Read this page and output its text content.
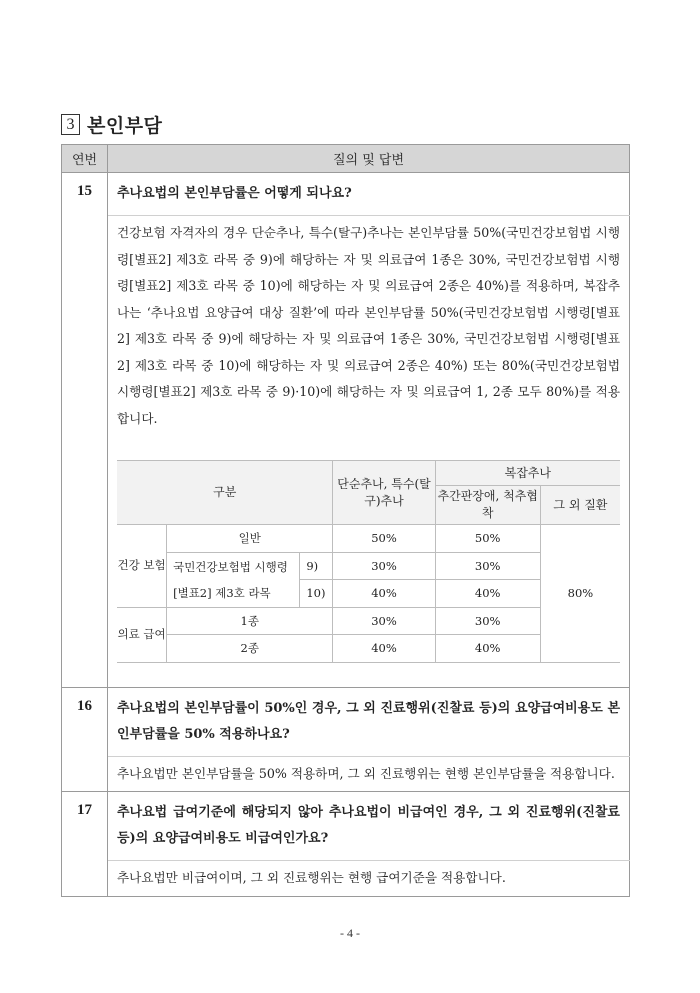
3 본인부담
연번	질의 및 답변
15	추나요법의 본인부담률은 어떻게 되나요?

건강보험 자격자의 경우 단순추나, 특수(탈구)추나는 본인부담률 50%(국민건강보험법 시행령[별표2] 제3호 라목 중 9)에 해당하는 자 및 의료급여 1종은 30%, 국민건강보험법 시행령[별표2] 제3호 라목 중 10)에 해당하는 자 및 의료급여 2종은 40%)를 적용하며, 복잡추나는 ‘추나요법 요양급여 대상 질환’에 따라 본인부담률 50%(국민건강보험법 시행령[별표2] 제3호 라목 중 9)에 해당하는 자 및 의료급여 1종은 30%, 국민건강보험법 시행령[별표2] 제3호 라목 중 10)에 해당하는 자 및 의료급여 2종은 40%) 또는 80%(국민건강보험법 시행령[별표2] 제3호 라목 중 9)·10)에 해당하는 자 및 의료급여 1, 2종 모두 80%)를 적용합니다.

구분	단순추나, 특수(탈구)추나	복잡추나
추간판장애, 척추협착	그 외 질환
건강 보험	일반	50%	50%	80%
국민건강보험법 시행령 [별표2] 제3호 라목	9)	30%	30%
10)	40%	40%
의료 급여	1종	30%	30%
2종	40%	40%

16	추나요법의 본인부담률이 50%인 경우, 그 외 진료행위(진찰료 등)의 요양급여비용도 본인부담률을 50% 적용하나요?
추나요법만 본인부담률을 50% 적용하며, 그 외 진료행위는 현행 본인부담률을 적용합니다.
17	추나요법 급여기준에 해당되지 않아 추나요법이 비급여인 경우, 그 외 진료행위(진찰료 등)의 요양급여비용도 비급여인가요?
추나요법만 비급여이며, 그 외 진료행위는 현행 급여기준을 적용합니다.
- 4 -
